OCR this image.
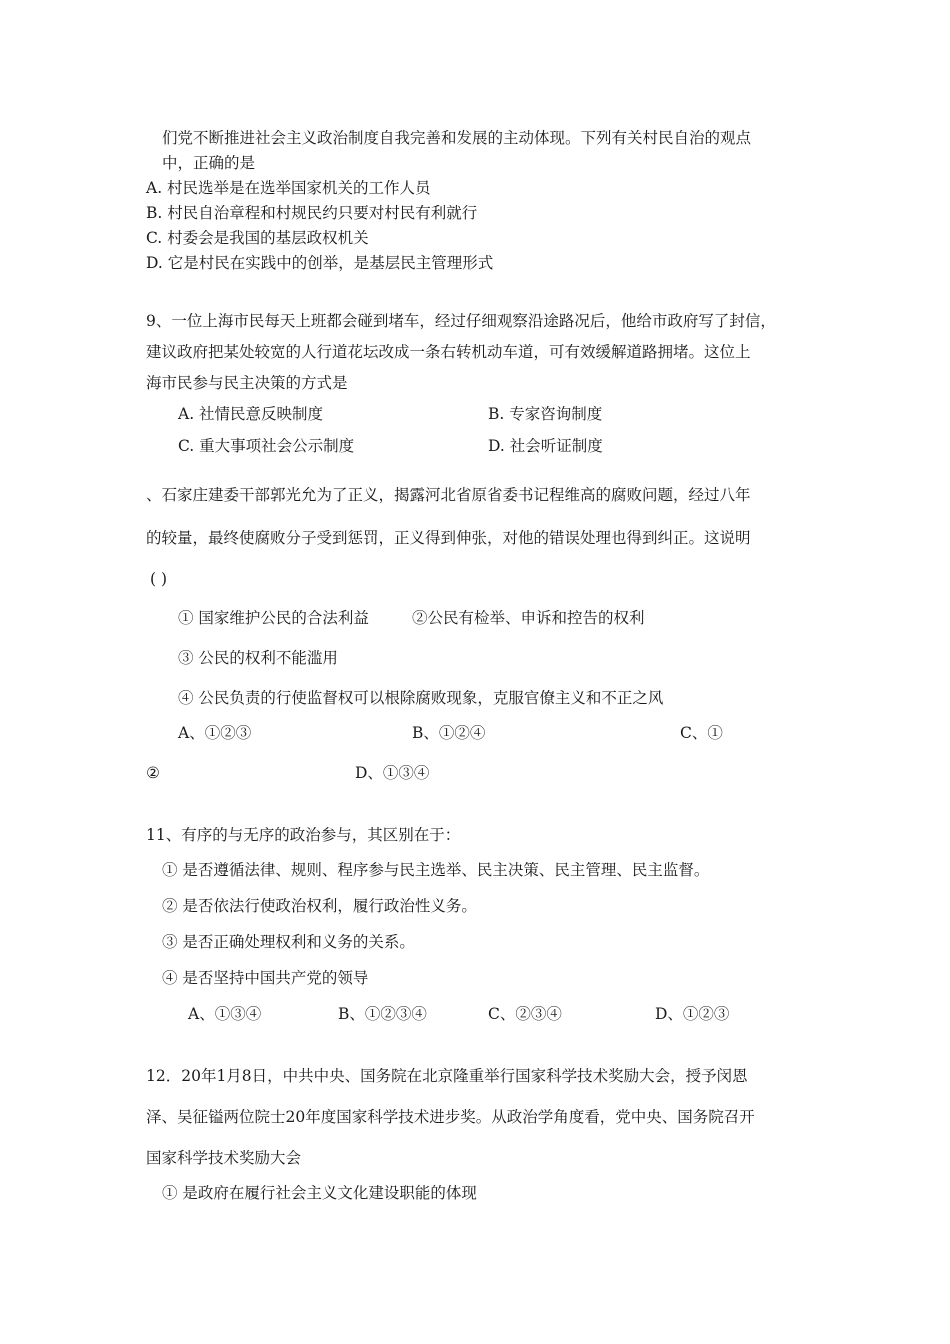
们党不断推进社会主义政治制度自我完善和发展的主动体现。下列有关村民自治的观点
中，正确的是
A. 村民选举是在选举国家机关的工作人员
B. 村民自治章程和村规民约只要对村民有利就行
C. 村委会是我国的基层政权机关
D. 它是村民在实践中的创举，是基层民主管理形式
9、一位上海市民每天上班都会碰到堵车，经过仔细观察沿途路况后，他给市政府写了封信，
建议政府把某处较宽的人行道花坛改成一条右转机动车道，可有效缓解道路拥堵。这位上
海市民参与民主决策的方式是
A. 社情民意反映制度	B. 专家咨询制度
C. 重大事项社会公示制度	D. 社会听证制度
、石家庄建委干部郭光允为了正义，揭露河北省原省委书记程维高的腐败问题，经过八年
的较量，最终使腐败分子受到惩罚，正义得到伸张，对他的错误处理也得到纠正。这说明
( )
① 国家维护公民的合法利益	②公民有检举、申诉和控告的权利
③ 公民的权利不能滥用
④ 公民负责的行使监督权可以根除腐败现象，克服官僚主义和不正之风
A、①②③	B、①②④	C、①
②	D、①③④
11、有序的与无序的政治参与，其区别在于：
① 是否遵循法律、规则、程序参与民主选举、民主决策、民主管理、民主监督。
② 是否依法行使政治权利，履行政治性义务。
③ 是否正确处理权利和义务的关系。
④ 是否坚持中国共产党的领导
A、①③④	B、①②③④	C、②③④	D、①②③
12．20年1月8日，中共中央、国务院在北京隆重举行国家科学技术奖励大会，授予闵恩
泽、吴征镒两位院士20年度国家科学技术进步奖。从政治学角度看，党中央、国务院召开
国家科学技术奖励大会
① 是政府在履行社会主义文化建设职能的体现
